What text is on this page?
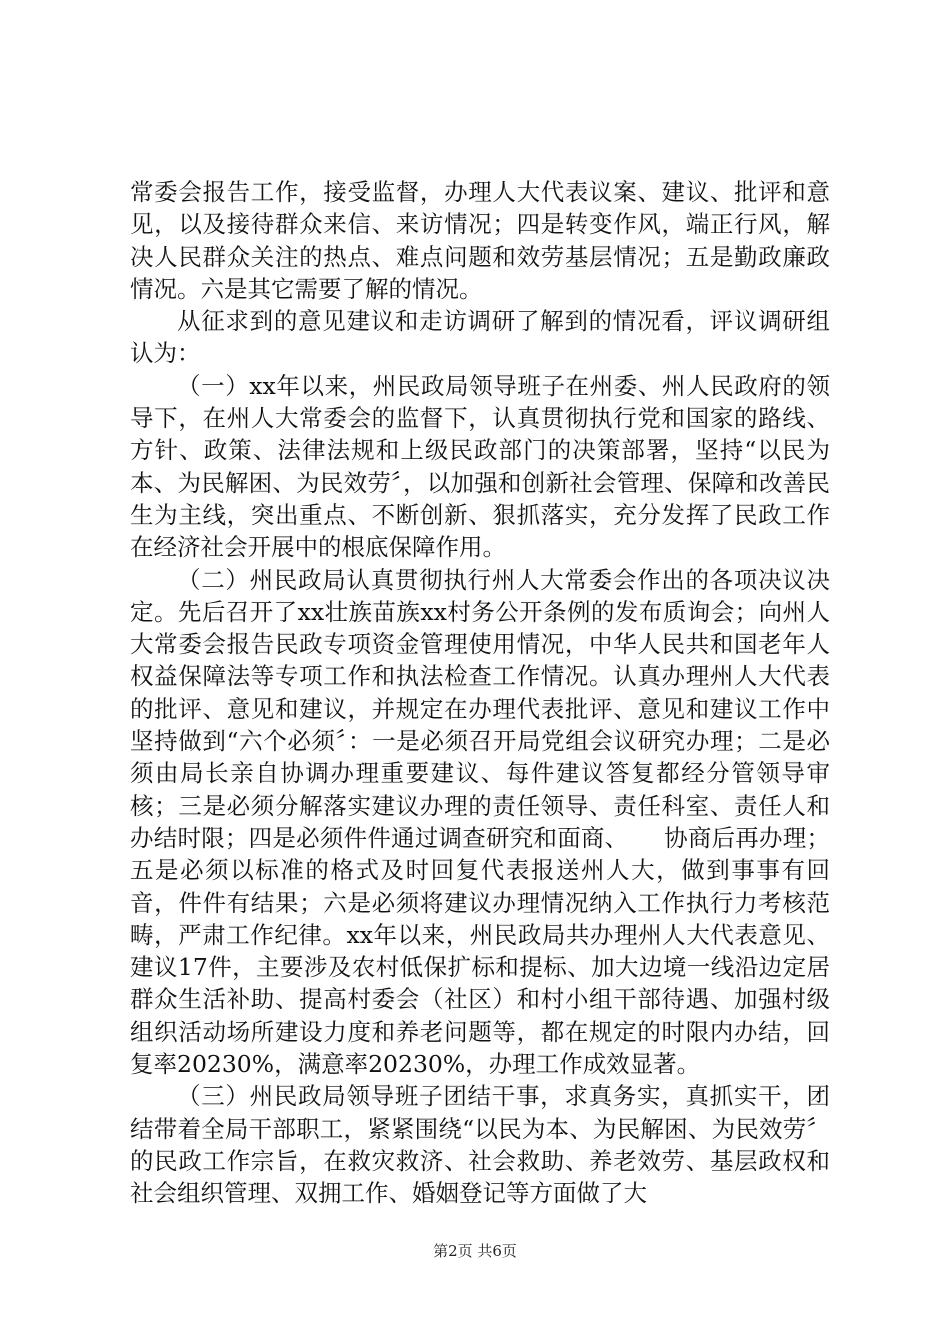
常委会报告工作，接受监督，办理人大代表议案、建议、批评和意见，以及接待群众来信、来访情况；四是转变作风，端正行风，解决人民群众关注的热点、难点问题和效劳基层情况；五是勤政廉政情况。六是其它需要了解的情况。

从征求到的意见建议和走访调研了解到的情况看，评议调研组认为：

（一）xx年以来，州民政局领导班子在州委、州人民政府的领导下，在州人大常委会的监督下，认真贯彻执行党和国家的路线、方针、政策、法律法规和上级民政部门的决策部署，坚持“以民为本、为民解困、为民效劳〞，以加强和创新社会管理、保障和改善民生为主线，突出重点、不断创新、狠抓落实，充分发挥了民政工作在经济社会开展中的根底保障作用。

（二）州民政局认真贯彻执行州人大常委会作出的各项决议决定。先后召开了xx壮族苗族xx村务公开条例的发布质询会；向州人大常委会报告民政专项资金管理使用情况，中华人民共和国老年人权益保障法等专项工作和执法检查工作情况。认真办理州人大代表的批评、意见和建议，并规定在办理代表批评、意见和建议工作中坚持做到“六个必须〞：一是必须召开局党组会议研究办理；二是必须由局长亲自协调办理重要建议、每件建议答复都经分管领导审核；三是必须分解落实建议办理的责任领导、责任科室、责任人和办结时限；四是必须件件通过调查研究和面商、　　协商后再办理；五是必须以标准的格式及时回复代表报送州人大，做到事事有回音，件件有结果；六是必须将建议办理情况纳入工作执行力考核范畴，严肃工作纪律。xx年以来，州民政局共办理州人大代表意见、建议17件，主要涉及农村低保扩标和提标、加大边境一线沿边定居群众生活补助、提高村委会（社区）和村小组干部待遇、加强村级组织活动场所建设力度和养老问题等，都在规定的时限内办结，回复率20230%，满意率20230%，办理工作成效显著。

（三）州民政局领导班子团结干事，求真务实，真抓实干，团结带着全局干部职工，紧紧围绕“以民为本、为民解困、为民效劳〞的民政工作宗旨，在救灾救济、社会救助、养老效劳、基层政权和社会组织管理、双拥工作、婚姻登记等方面做了大

第2页 共6页
